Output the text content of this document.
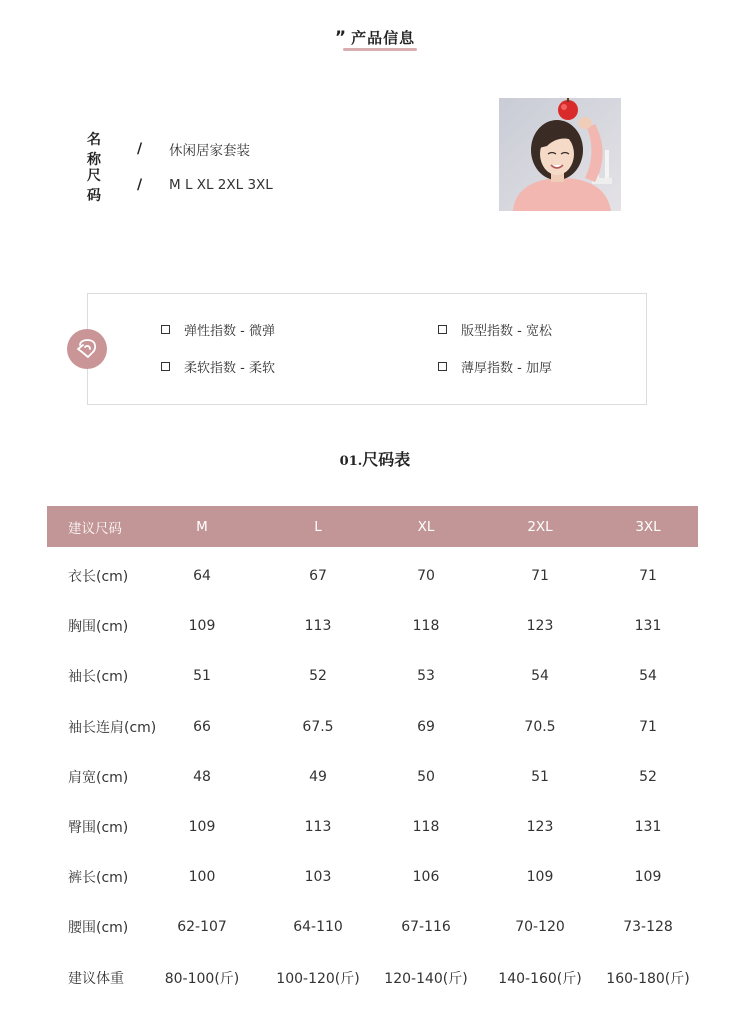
” 产品信息
名称
/	休闲居家套装
尺码
/	M L XL 2XL 3XL
弹性指数 - 微弹	版型指数 - 宽松
柔软指数 - 柔软	薄厚指数 - 加厚
01.尺码表
建议尺码	M	L	XL	2XL	3XL
衣长(cm)	64	67	70	71	71
胸围(cm)	109	113	118	123	131
袖长(cm)	51	52	53	54	54
袖长连肩(cm)	66	67.5	69	70.5	71
肩宽(cm)	48	49	50	51	52
臀围(cm)	109	113	118	123	131
裤长(cm)	100	103	106	109	109
腰围(cm)	62-107	64-110	67-116	70-120	73-128
建议体重	80-100(斤)	100-120(斤) 120-140(斤) 140-160(斤) 160-180(斤)
